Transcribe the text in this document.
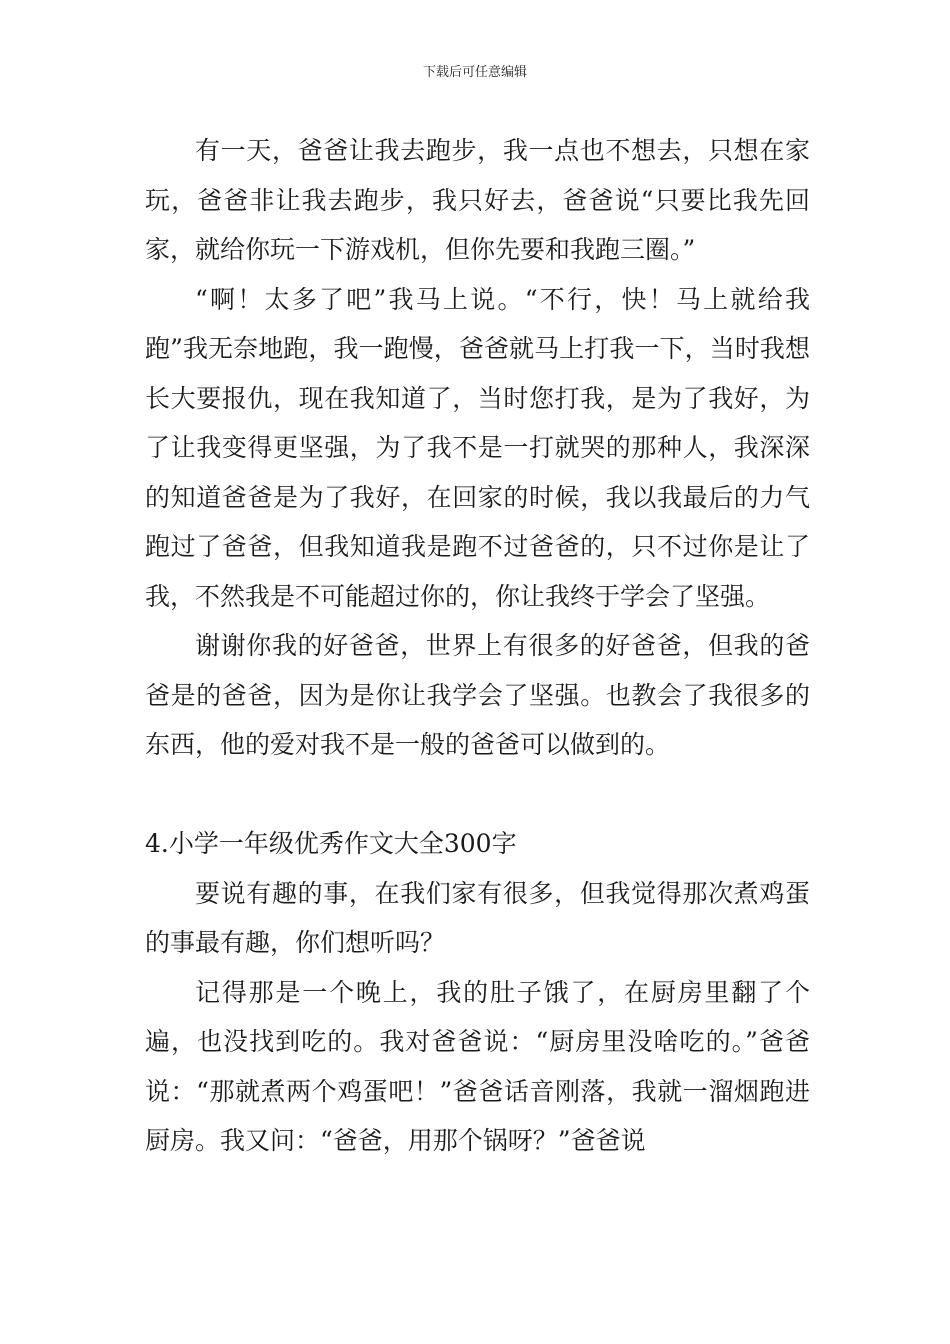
下载后可任意编辑

有一天，爸爸让我去跑步，我一点也不想去，只想在家玩，爸爸非让我去跑步，我只好去，爸爸说“只要比我先回家，就给你玩一下游戏机，但你先要和我跑三圈。”

“啊！太多了吧”我马上说。“不行，快！马上就给我跑”我无奈地跑，我一跑慢，爸爸就马上打我一下，当时我想长大要报仇，现在我知道了，当时您打我，是为了我好，为了让我变得更坚强，为了我不是一打就哭的那种人，我深深的知道爸爸是为了我好，在回家的时候，我以我最后的力气跑过了爸爸，但我知道我是跑不过爸爸的，只不过你是让了我，不然我是不可能超过你的，你让我终于学会了坚强。

谢谢你我的好爸爸，世界上有很多的好爸爸，但我的爸爸是的爸爸，因为是你让我学会了坚强。也教会了我很多的东西，他的爱对我不是一般的爸爸可以做到的。

4.小学一年级优秀作文大全300字

要说有趣的事，在我们家有很多，但我觉得那次煮鸡蛋的事最有趣，你们想听吗？

记得那是一个晚上，我的肚子饿了，在厨房里翻了个遍，也没找到吃的。我对爸爸说：“厨房里没啥吃的。”爸爸说：“那就煮两个鸡蛋吧！”爸爸话音刚落，我就一溜烟跑进厨房。我又问：“爸爸，用那个锅呀？”爸爸说
